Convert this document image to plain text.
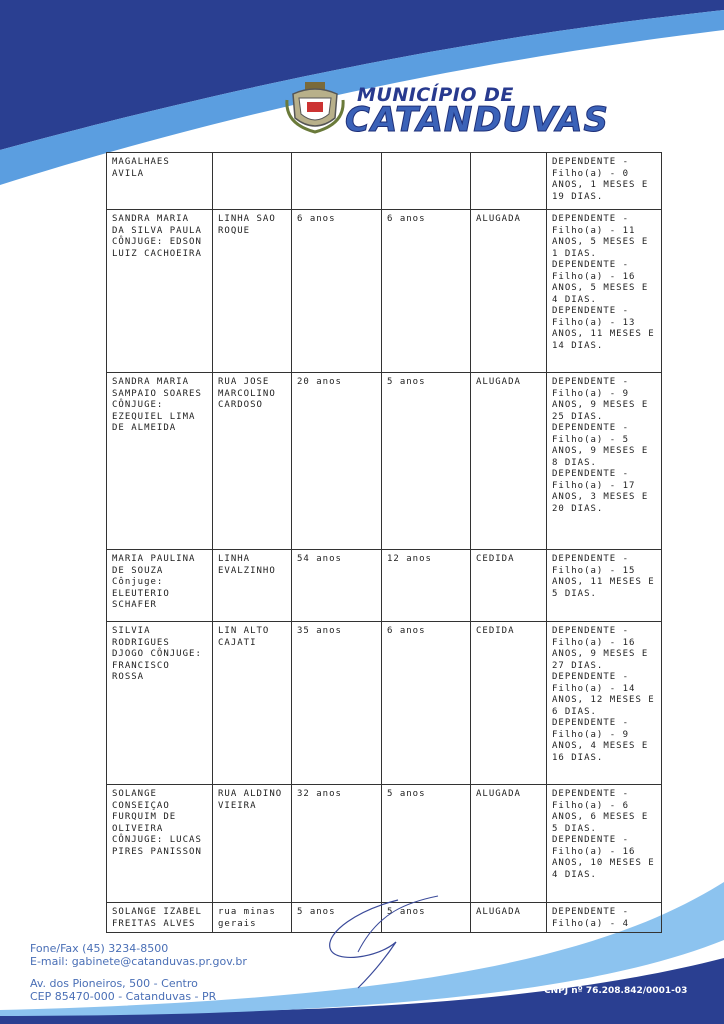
MUNICÍPIO DE
CATANDUVAS
MAGALHAES AVILA					DEPENDENTE - Filho(a) - 0 ANOS, 1 MESES E 19 DIAS.
SANDRA MARIA DA SILVA PAULA CÔNJUGE: EDSON LUIZ CACHOEIRA	LINHA SAO ROQUE	6 anos	6 anos	ALUGADA	DEPENDENTE - Filho(a) - 11 ANOS, 5 MESES E 1 DIAS. DEPENDENTE - Filho(a) - 16 ANOS, 5 MESES E 4 DIAS. DEPENDENTE - Filho(a) - 13 ANOS, 11 MESES E 14 DIAS.
SANDRA MARIA SAMPAIO SOARES CÔNJUGE: EZEQUIEL LIMA DE ALMEIDA	RUA JOSE MARCOLINO CARDOSO	20 anos	5 anos	ALUGADA	DEPENDENTE - Filho(a) - 9 ANOS, 9 MESES E 25 DIAS. DEPENDENTE - Filho(a) - 5 ANOS, 9 MESES E 8 DIAS. DEPENDENTE - Filho(a) - 17 ANOS, 3 MESES E 20 DIAS.
MARIA PAULINA DE SOUZA Cônjuge: ELEUTERIO SCHAFER	LINHA EVALZINHO	54 anos	12 anos	CEDIDA	DEPENDENTE - Filho(a) - 15 ANOS, 11 MESES E 5 DIAS.
SILVIA RODRIGUES DJOGO CÔNJUGE: FRANCISCO ROSSA	LIN ALTO CAJATI	35 anos	6 anos	CEDIDA	DEPENDENTE - Filho(a) - 16 ANOS, 9 MESES E 27 DIAS. DEPENDENTE - Filho(a) - 14 ANOS, 12 MESES E 6 DIAS. DEPENDENTE - Filho(a) - 9 ANOS, 4 MESES E 16 DIAS.
SOLANGE CONSEIÇAO FURQUIM DE OLIVEIRA CÔNJUGE: LUCAS PIRES PANISSON	RUA ALDINO VIEIRA	32 anos	5 anos	ALUGADA	DEPENDENTE - Filho(a) - 6 ANOS, 6 MESES E 5 DIAS. DEPENDENTE - Filho(a) - 16 ANOS, 10 MESES E 4 DIAS.
SOLANGE IZABEL FREITAS ALVES	rua minas gerais	5 anos	5 anos	ALUGADA	DEPENDENTE - Filho(a) - 4
Fone/Fax (45) 3234-8500
E-mail: gabinete@catanduvas.pr.gov.br
Av. dos Pioneiros, 500 - Centro
CEP 85470-000 - Catanduvas - PR	CNPJ nº 76.208.842/0001-03
